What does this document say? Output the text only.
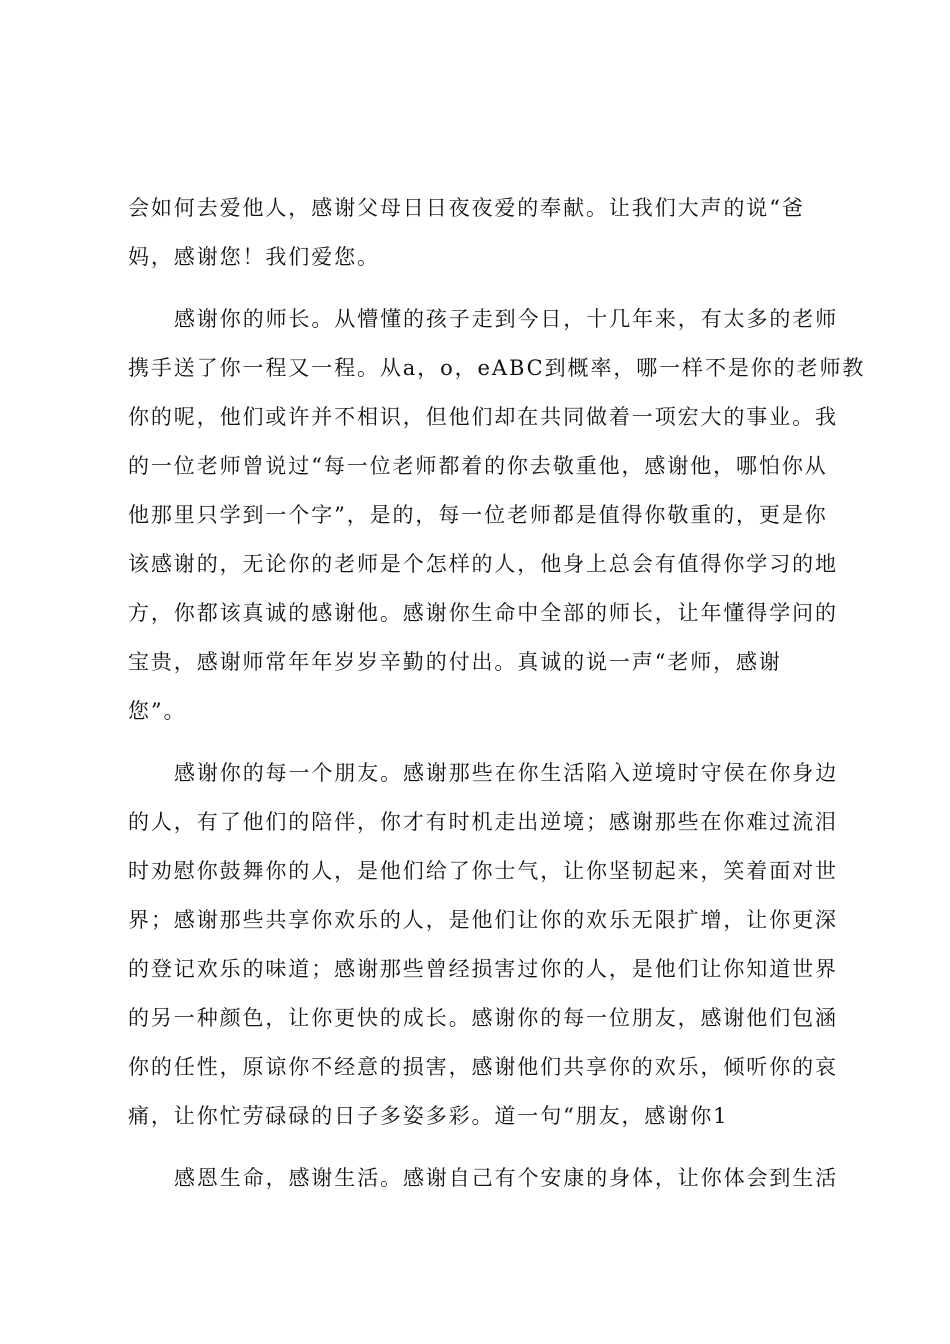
会如何去爱他人，感谢父母日日夜夜爱的奉献。让我们大声的说“爸
妈，感谢您！我们爱您。
感谢你的师长。从懵懂的孩子走到今日，十几年来，有太多的老师
携手送了你一程又一程。从a，o，eABC到概率，哪一样不是你的老师教
你的呢，他们或许并不相识，但他们却在共同做着一项宏大的事业。我
的一位老师曾说过“每一位老师都着的你去敬重他，感谢他，哪怕你从
他那里只学到一个字”，是的，每一位老师都是值得你敬重的，更是你
该感谢的，无论你的老师是个怎样的人，他身上总会有值得你学习的地
方，你都该真诚的感谢他。感谢你生命中全部的师长，让年懂得学问的
宝贵，感谢师常年年岁岁辛勤的付出。真诚的说一声“老师，感谢
您”。
感谢你的每一个朋友。感谢那些在你生活陷入逆境时守侯在你身边
的人，有了他们的陪伴，你才有时机走出逆境；感谢那些在你难过流泪
时劝慰你鼓舞你的人，是他们给了你士气，让你坚韧起来，笑着面对世
界；感谢那些共享你欢乐的人，是他们让你的欢乐无限扩增，让你更深
的登记欢乐的味道；感谢那些曾经损害过你的人，是他们让你知道世界
的另一种颜色，让你更快的成长。感谢你的每一位朋友，感谢他们包涵
你的任性，原谅你不经意的损害，感谢他们共享你的欢乐，倾听你的哀
痛，让你忙劳碌碌的日子多姿多彩。道一句“朋友，感谢你1
感恩生命，感谢生活。感谢自己有个安康的身体，让你体会到生活
